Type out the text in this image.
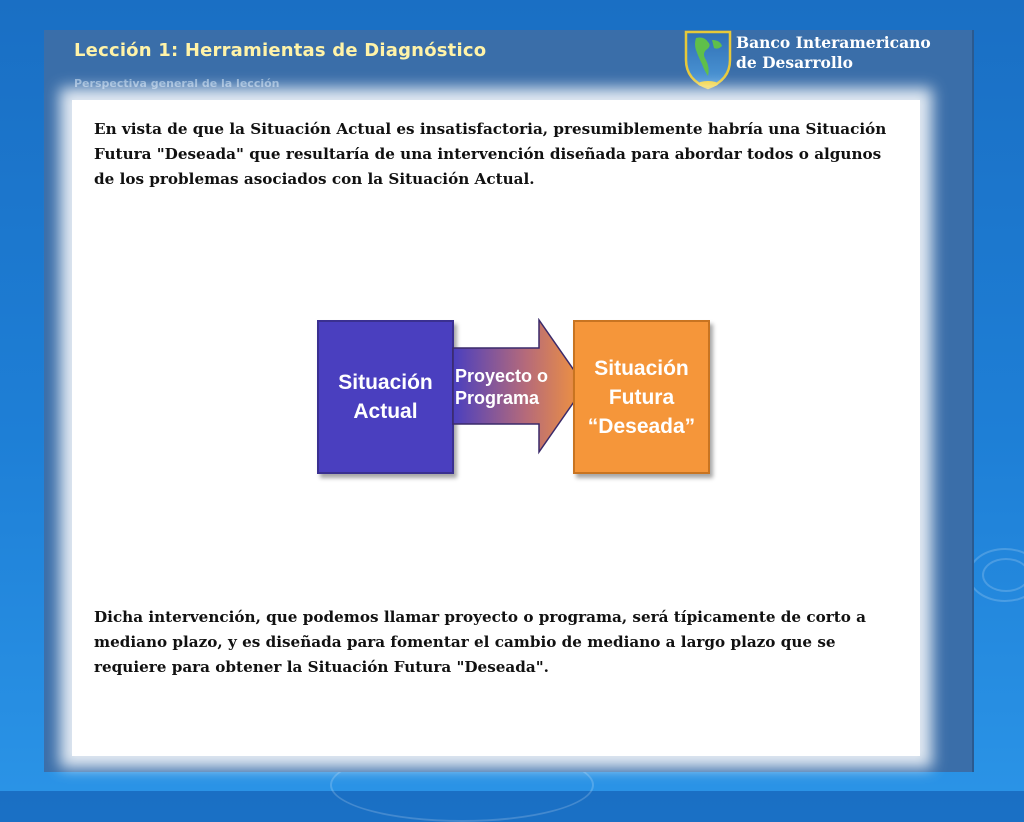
Lección 1: Herramientas de Diagnóstico
Perspectiva general de la lección
Banco Interamericano
de Desarrollo

En vista de que la Situación Actual es insatisfactoria, presumiblemente habría una Situación Futura "Deseada" que resultaría de una intervención diseñada para abordar todos o algunos de los problemas asociados con la Situación Actual.

Situación
Actual
Proyecto o
Programa
Situación
Futura
“Deseada”

Dicha intervención, que podemos llamar proyecto o programa, será típicamente de corto a mediano plazo, y es diseñada para fomentar el cambio de mediano a largo plazo que se requiere para obtener la Situación Futura "Deseada".
